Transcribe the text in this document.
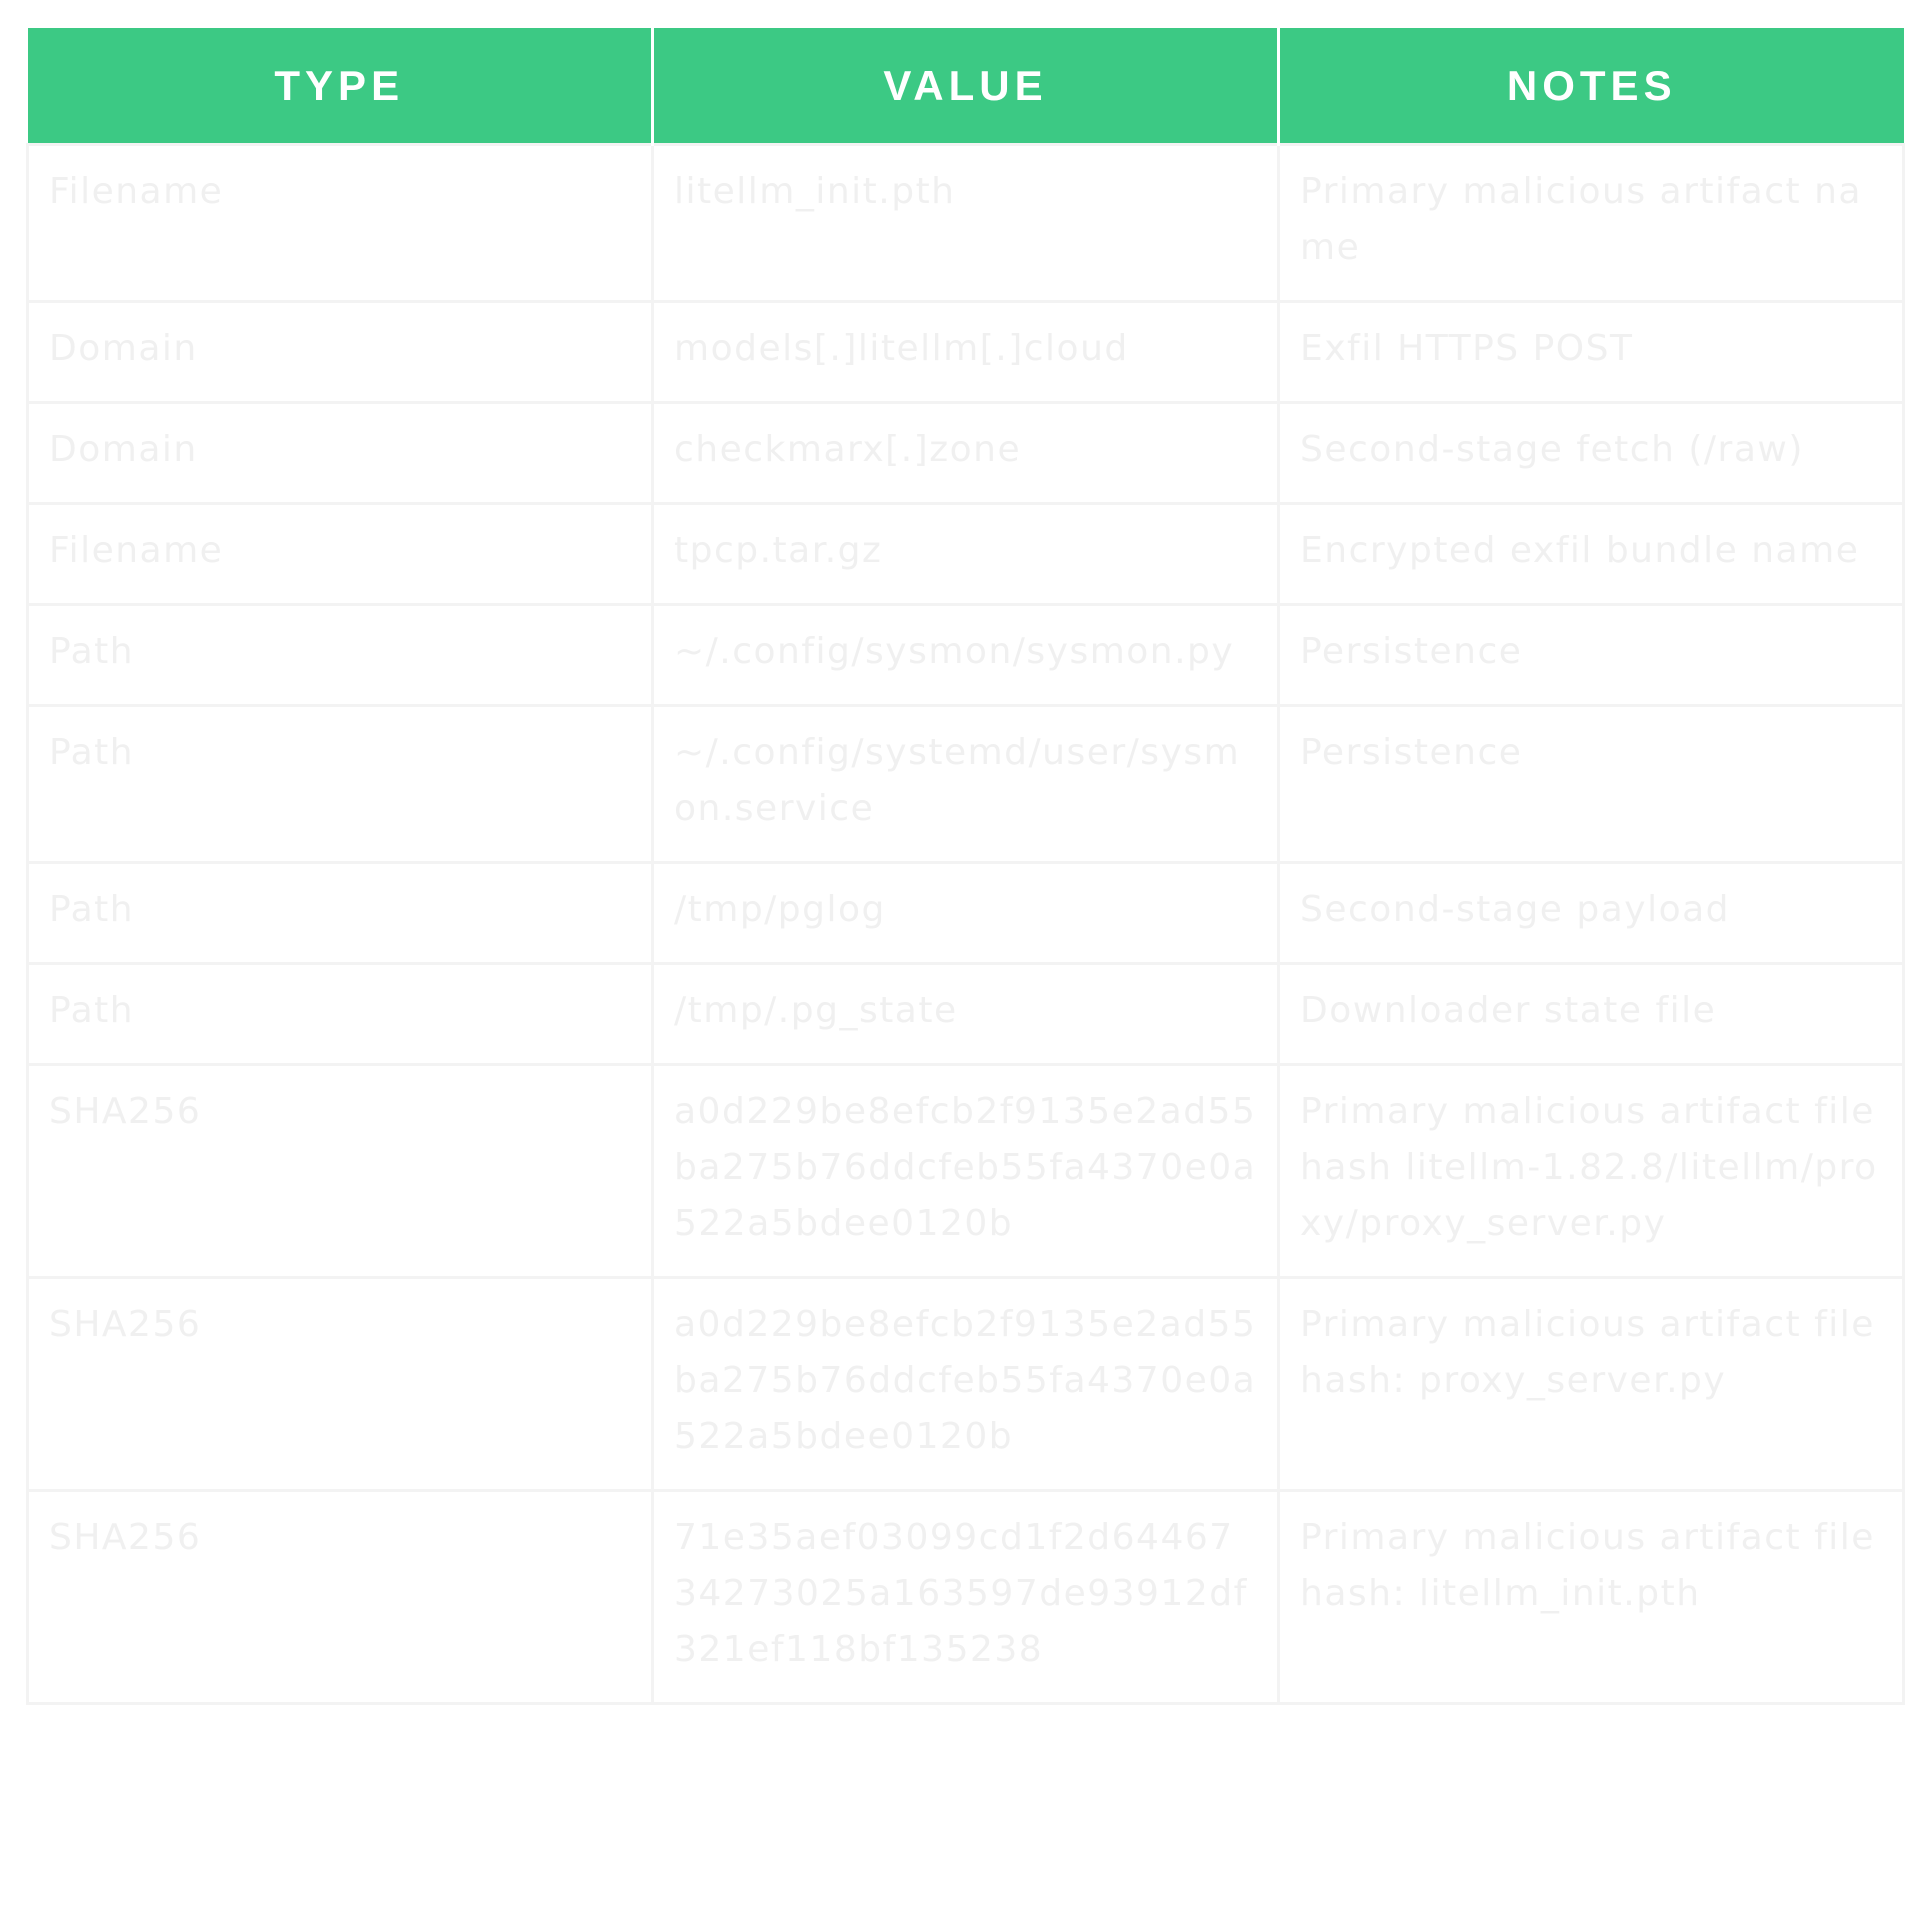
TYPE	VALUE	NOTES
Filename	litellm_init.pth	Primary malicious artifact name
Domain	models[.]litellm[.]cloud	Exfil HTTPS POST
Domain	checkmarx[.]zone	Second-stage fetch (/raw)
Filename	tpcp.tar.gz	Encrypted exfil bundle name
Path	~/.config/sysmon/sysmon.py	Persistence
Path	~/.config/systemd/user/sysmon.service	Persistence
Path	/tmp/pglog	Second-stage payload
Path	/tmp/.pg_state	Downloader state file
SHA256	a0d229be8efcb2f9135e2ad55ba275b76ddcfeb55fa4370e0a522a5bdee0120b	Primary malicious artifact file hash litellm-1.82.8/litellm/proxy/proxy_server.py
SHA256	a0d229be8efcb2f9135e2ad55ba275b76ddcfeb55fa4370e0a522a5bdee0120b	Primary malicious artifact file hash: proxy_server.py
SHA256	71e35aef03099cd1f2d6446734273025a163597de93912df321ef118bf135238	Primary malicious artifact file hash: litellm_init.pth
